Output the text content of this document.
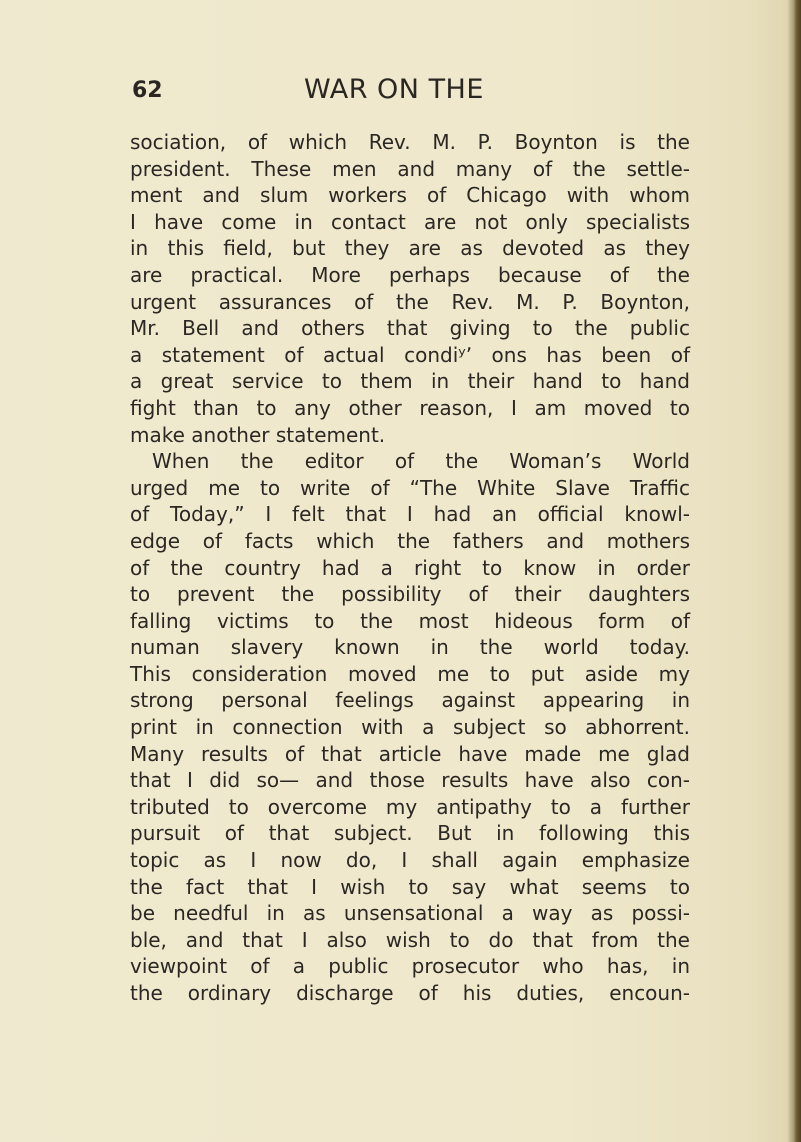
62	WAR ON THE
sociation, of which Rev. M. P. Boynton is the
president. These men and many of the settle-
ment and slum workers of Chicago with whom
I have come in contact are not only specialists
in this field, but they are as devoted as they
are practical. More perhaps because of the
urgent assurances of the Rev. M. P. Boynton,
Mr. Bell and others that giving to the public
a statement of actual condiʸʼ ons has been of
a great service to them in their hand to hand
fight than to any other reason, I am moved to
make another statement.
When the editor of the Woman’s World
urged me to write of “The White Slave Traffic
of Today,” I felt that I had an official knowl-
edge of facts which the fathers and mothers
of the country had a right to know in order
to prevent the possibility of their daughters
falling victims to the most hideous form of
numan slavery known in the world today.
This consideration moved me to put aside my
strong personal feelings against appearing in
print in connection with a subject so abhorrent.
Many results of that article have made me glad
that I did so— and those results have also con-
tributed to overcome my antipathy to a further
pursuit of that subject. But in following this
topic as I now do, I shall again emphasize
the fact that I wish to say what seems to
be needful in as unsensational a way as possi-
ble, and that I also wish to do that from the
viewpoint of a public prosecutor who has, in
the ordinary discharge of his duties, encoun-
